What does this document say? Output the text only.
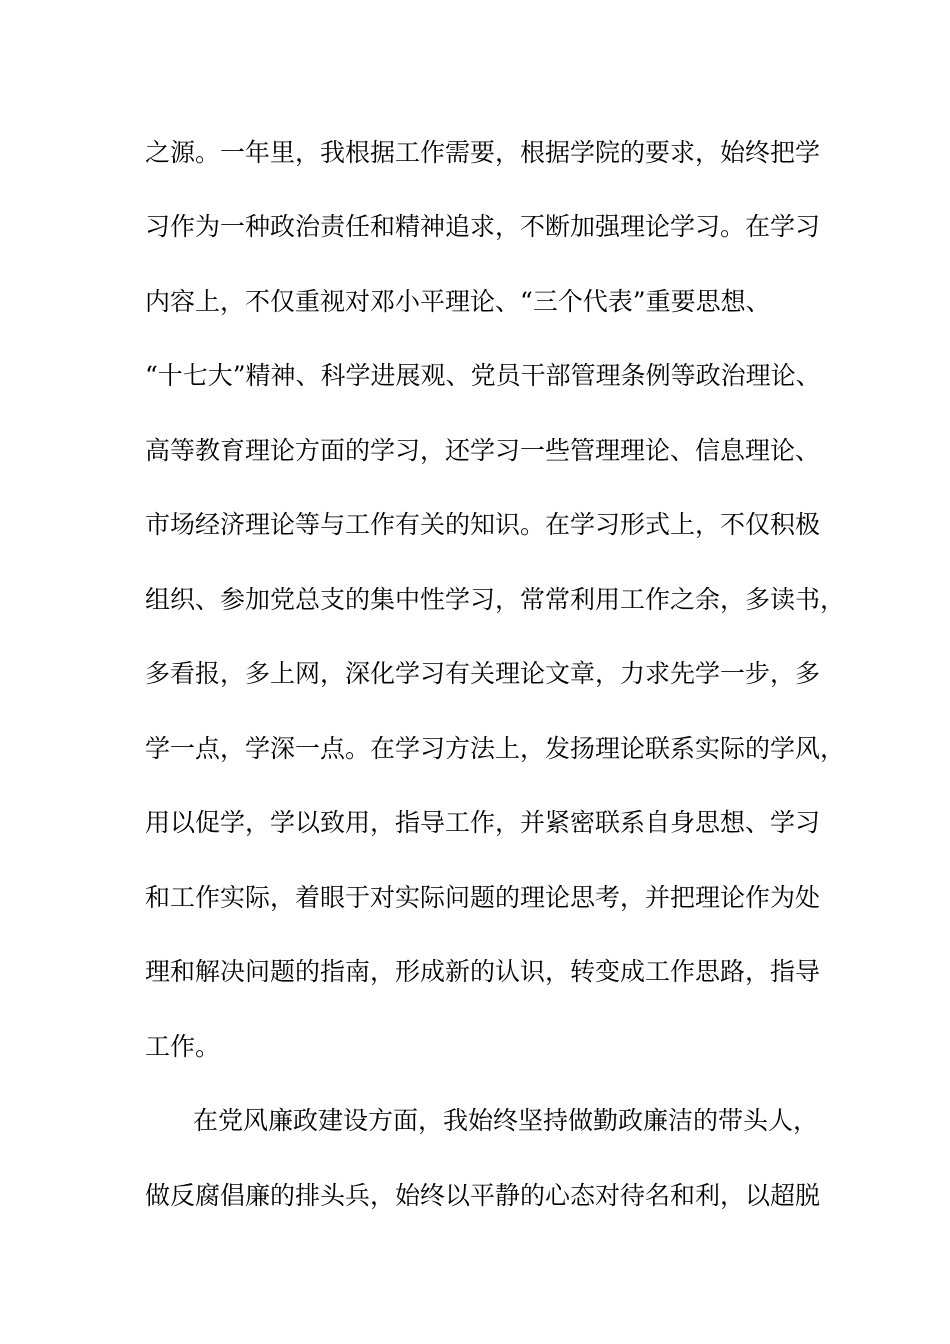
之源。一年里，我根据工作需要，根据学院的要求，始终把学
习作为一种政治责任和精神追求，不断加强理论学习。在学习
内容上，不仅重视对邓小平理论、“三个代表”重要思想、
“十七大”精神、科学进展观、党员干部管理条例等政治理论、
高等教育理论方面的学习，还学习一些管理理论、信息理论、
市场经济理论等与工作有关的知识。在学习形式上，不仅积极
组织、参加党总支的集中性学习，常常利用工作之余，多读书，
多看报，多上网，深化学习有关理论文章，力求先学一步，多
学一点，学深一点。在学习方法上，发扬理论联系实际的学风，
用以促学，学以致用，指导工作，并紧密联系自身思想、学习
和工作实际，着眼于对实际问题的理论思考，并把理论作为处
理和解决问题的指南，形成新的认识，转变成工作思路，指导
工作。
在党风廉政建设方面，我始终坚持做勤政廉洁的带头人，
做反腐倡廉的排头兵，始终以平静的心态对待名和利，以超脱
